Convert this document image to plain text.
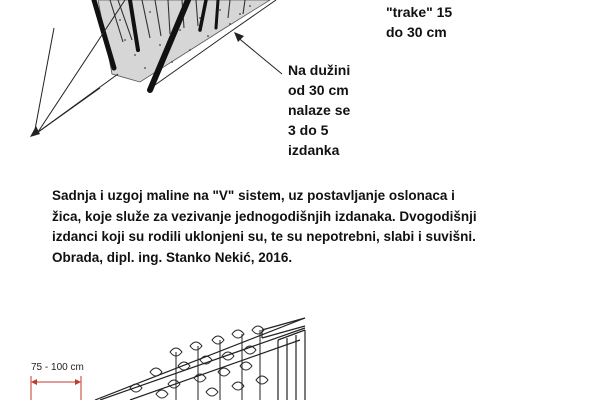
"trake" 15
do 30 cm

Na dužini
od 30 cm
nalaze se
3 do 5
izdanka

Sadnja i uzgoj maline na "V" sistem, uz postavljanje oslonaca i
žica, koje služe za vezivanje jednogodišnjih izdanaka. Dvogodišnji
izdanci koji su rodili uklonjeni su, te su nepotrebni, slabi i suvišni.
Obrada, dipl. ing. Stanko Nekić, 2016.

75 - 100 cm
